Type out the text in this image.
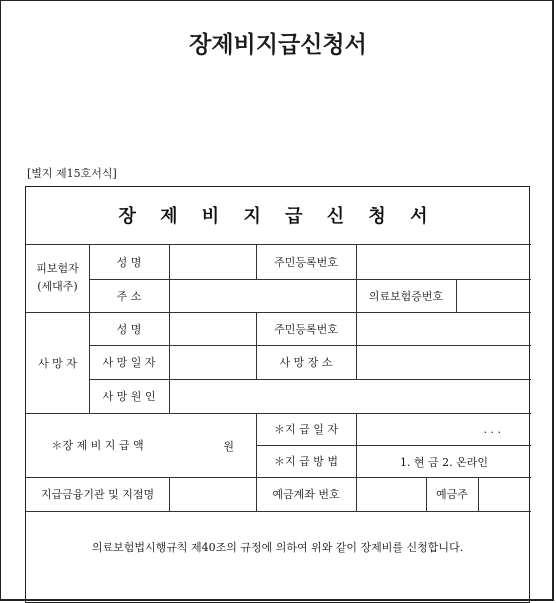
장제비지급신청서
[별지 제15호서식]
장 제 비 지 급 신 청 서
피보험자
(세대주)
성 명	주민등록번호
주 소	의료보험증번호
사 망 자
성 명	주민등록번호
사 망 일 자	사 망 장 소
사 망 원 인
＊장 제 비 지 급 액	원
＊지 급 일 자	. . .
＊지 급 방 법	1. 현 금 2. 온라인
지급금융기관 및 지점명	예금계좌 번호	예금주
의료보험법시행규칙 제40조의 규정에 의하여 위와 같이 장제비를 신청합니다.
